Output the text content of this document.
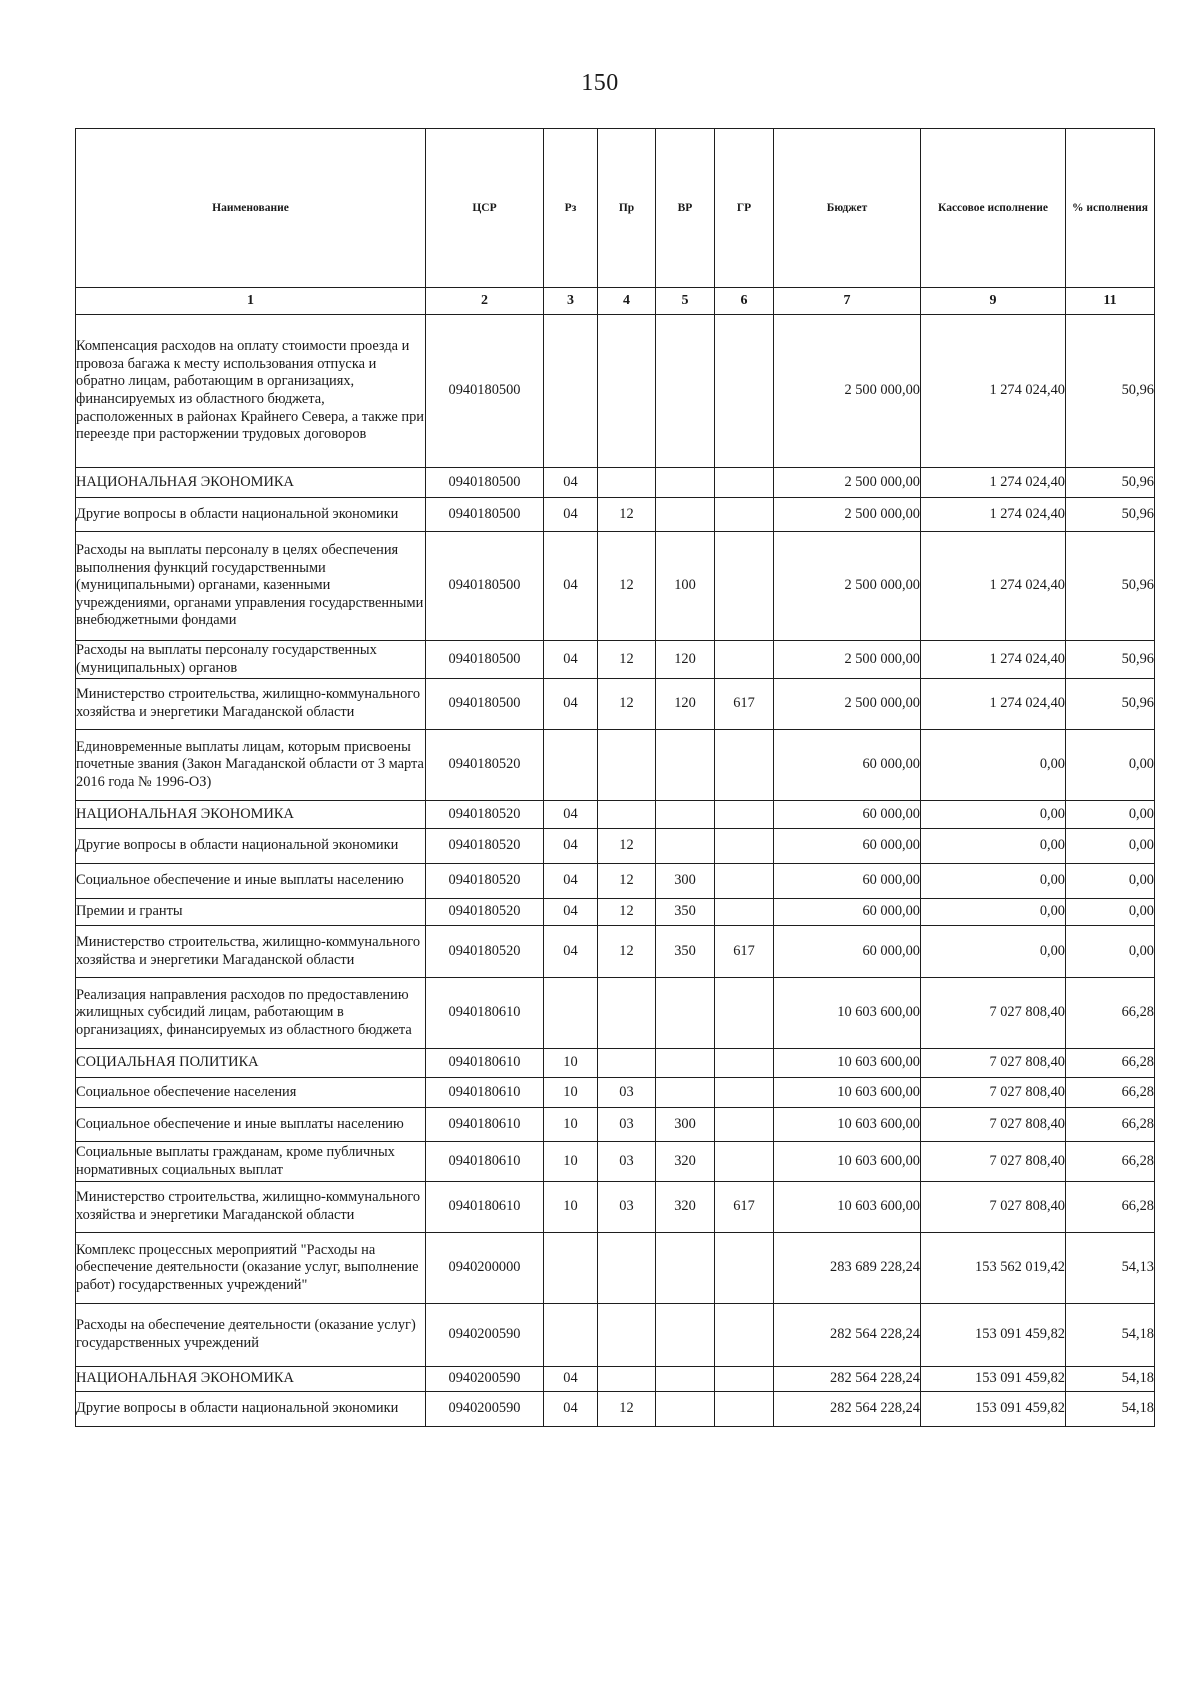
150
Наименование	ЦСР	Рз	Пр	ВР	ГР	Бюджет	Кассовое исполнение	% исполнения
1	2	3	4	5	6	7	9	11
Компенсация расходов на оплату стоимости проезда и провоза багажа к месту использования отпуска и обратно лицам, работающим в организациях, финансируемых из областного бюджета, расположенных в районах Крайнего Севера, а также при переезде при расторжении трудовых договоров	0940180500					2 500 000,00	1 274 024,40	50,96
НАЦИОНАЛЬНАЯ ЭКОНОМИКА	0940180500	04				2 500 000,00	1 274 024,40	50,96
Другие вопросы в области национальной экономики	0940180500	04	12			2 500 000,00	1 274 024,40	50,96
Расходы на выплаты персоналу в целях обеспечения выполнения функций государственными (муниципальными) органами, казенными учреждениями, органами управления государственными внебюджетными фондами	0940180500	04	12	100		2 500 000,00	1 274 024,40	50,96
Расходы на выплаты персоналу государственных (муниципальных) органов	0940180500	04	12	120		2 500 000,00	1 274 024,40	50,96
Министерство строительства, жилищно-коммунального хозяйства и энергетики Магаданской области	0940180500	04	12	120	617	2 500 000,00	1 274 024,40	50,96
Единовременные выплаты лицам, которым присвоены почетные звания (Закон Магаданской области от 3 марта 2016 года № 1996-ОЗ)	0940180520					60 000,00	0,00	0,00
НАЦИОНАЛЬНАЯ ЭКОНОМИКА	0940180520	04				60 000,00	0,00	0,00
Другие вопросы в области национальной экономики	0940180520	04	12			60 000,00	0,00	0,00
Социальное обеспечение и иные выплаты населению	0940180520	04	12	300		60 000,00	0,00	0,00
Премии и гранты	0940180520	04	12	350		60 000,00	0,00	0,00
Министерство строительства, жилищно-коммунального хозяйства и энергетики Магаданской области	0940180520	04	12	350	617	60 000,00	0,00	0,00
Реализация направления расходов по предоставлению жилищных субсидий лицам, работающим в организациях, финансируемых из областного бюджета	0940180610					10 603 600,00	7 027 808,40	66,28
СОЦИАЛЬНАЯ ПОЛИТИКА	0940180610	10				10 603 600,00	7 027 808,40	66,28
Социальное обеспечение населения	0940180610	10	03			10 603 600,00	7 027 808,40	66,28
Социальное обеспечение и иные выплаты населению	0940180610	10	03	300		10 603 600,00	7 027 808,40	66,28
Социальные выплаты гражданам, кроме публичных нормативных социальных выплат	0940180610	10	03	320		10 603 600,00	7 027 808,40	66,28
Министерство строительства, жилищно-коммунального хозяйства и энергетики Магаданской области	0940180610	10	03	320	617	10 603 600,00	7 027 808,40	66,28
Комплекс процессных мероприятий "Расходы на обеспечение деятельности (оказание услуг, выполнение работ) государственных учреждений"	0940200000					283 689 228,24	153 562 019,42	54,13
Расходы на обеспечение деятельности (оказание услуг) государственных учреждений	0940200590					282 564 228,24	153 091 459,82	54,18
НАЦИОНАЛЬНАЯ ЭКОНОМИКА	0940200590	04				282 564 228,24	153 091 459,82	54,18
Другие вопросы в области национальной экономики	0940200590	04	12			282 564 228,24	153 091 459,82	54,18
